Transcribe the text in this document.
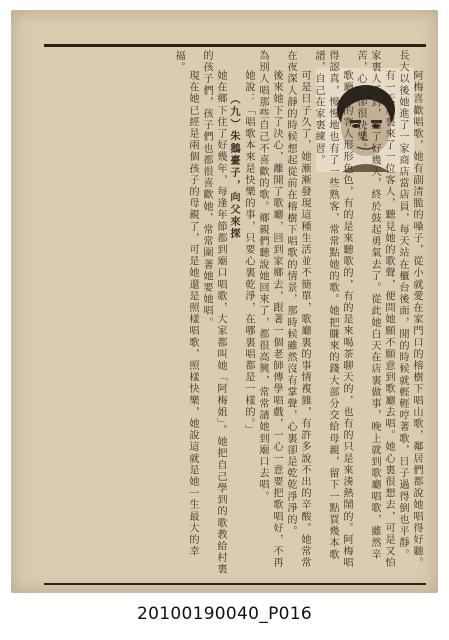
阿梅喜歡唱歌，她有副清脆的嗓子，從小就愛在家門口的榕樹下唱山歌，鄰居們都說她唱得好聽。長大以後她進了一家商店當店員，每天站在櫃台後面，閒的時候就輕輕哼著歌，日子過得倒也平靜。

有一天店裏來了一位客人，聽見她的歌聲，便問她願不願意到歌廳去唱。她心裏很想去，可是又怕家裏人反對，想了好幾天，終於鼓起勇氣去了。從此她白天在店裏做事，晚上就到歌廳唱歌，雖然辛苦，心裏卻很快樂。

歌廳裏的客人形形色色，有的是來聽歌的，有的是來喝茶聊天的，也有的只是來湊熱鬧的。阿梅唱得認真，慢慢地也有了一些熟客，常常點她的歌。她把賺來的錢大部分交給母親，留下一點買幾本歌譜，自己在家裏練習。

可是日子久了，她漸漸發現這種生活並不簡單，歌廳裏的事情複雜，有許多說不出的辛酸。她常常在夜深人靜的時候想起從前在榕樹下唱歌的情景，那時候雖然沒有掌聲，心裏卻是乾乾淨淨的。

後來她下了決心，離開了歌廳，回到家鄉去，跟著一個老師傅學唱戲，一心一意要把歌唱好，不再為別人唱那些自己不喜歡的歌。鄉親們聽說她回來了，都很高興，常常請她到廟口去唱。

她說：「唱歌本來是快樂的事，只要心裏乾淨，在哪裏唱都是一樣的。」

（九）朱鵝臺子，向父來探

她在鄉下住了好幾年，每逢年節都到廟口唱歌，大家都叫她「阿梅姐」。她把自己學到的歌教給村裏的孩子們，孩子們也都很喜歡她，常常圍著她要她唱。

現在她已經是兩個孩子的母親了，可是她還是照樣唱歌，照樣快樂，她說這就是她一生最大的幸福。

20100190040_P016
